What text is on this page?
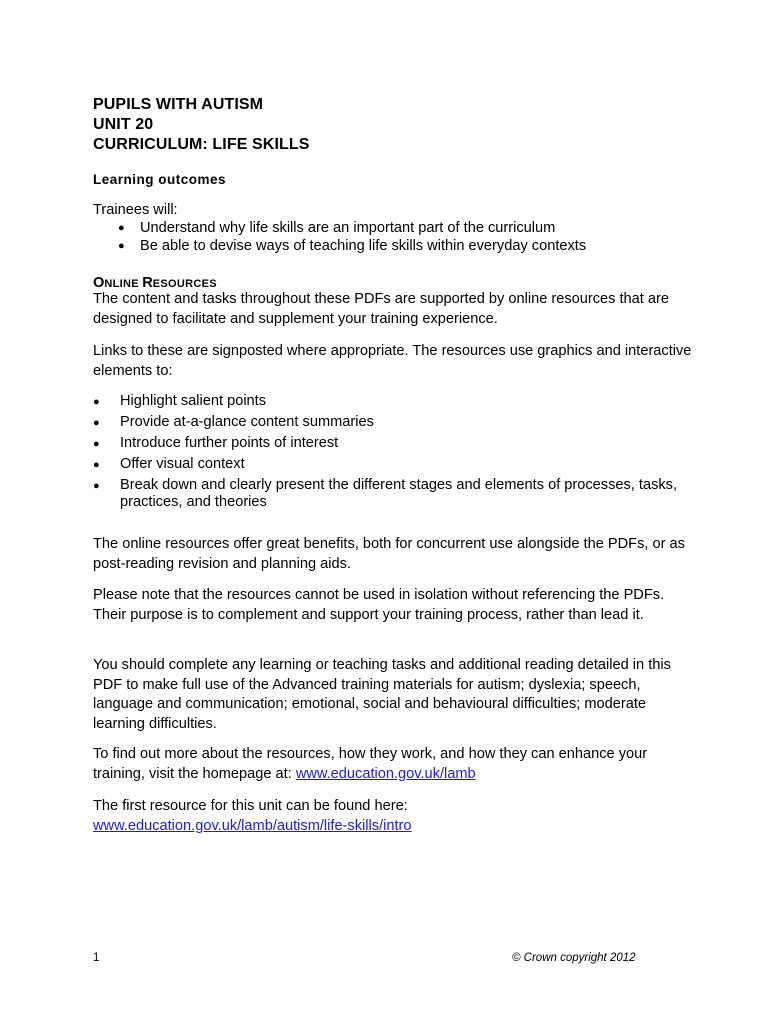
PUPILS WITH AUTISM
UNIT 20
CURRICULUM: LIFE SKILLS
Learning outcomes
Trainees will:
● Understand why life skills are an important part of the curriculum
● Be able to devise ways of teaching life skills within everyday contexts
ONLINE RESOURCES
The content and tasks throughout these PDFs are supported by online resources that are designed to facilitate and supplement your training experience.
Links to these are signposted where appropriate. The resources use graphics and interactive elements to:
● Highlight salient points
● Provide at-a-glance content summaries
● Introduce further points of interest
● Offer visual context
● Break down and clearly present the different stages and elements of processes, tasks, practices, and theories
The online resources offer great benefits, both for concurrent use alongside the PDFs, or as post-reading revision and planning aids.
Please note that the resources cannot be used in isolation without referencing the PDFs. Their purpose is to complement and support your training process, rather than lead it.
You should complete any learning or teaching tasks and additional reading detailed in this PDF to make full use of the Advanced training materials for autism; dyslexia; speech, language and communication; emotional, social and behavioural difficulties; moderate learning difficulties.
To find out more about the resources, how they work, and how they can enhance your training, visit the homepage at: www.education.gov.uk/lamb
The first resource for this unit can be found here:
www.education.gov.uk/lamb/autism/life-skills/intro
1	© Crown copyright 2012
